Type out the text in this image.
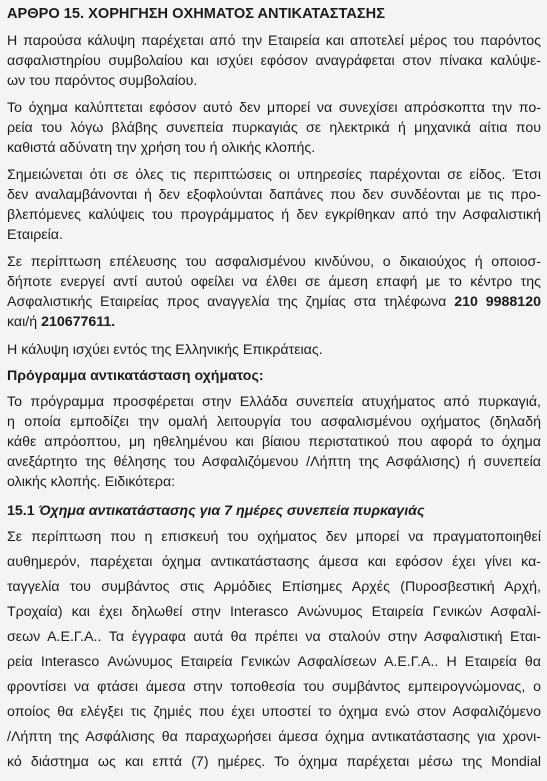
ΑΡΘΡΟ 15. ΧΟΡΗΓΗΣΗ ΟΧΗΜΑΤΟΣ ΑΝΤΙΚΑΤΑΣΤΑΣΗΣ
Η παρούσα κάλυψη παρέχεται από την Εταιρεία και αποτελεί μέρος του παρόντος
ασφαλιστηρίου συμβολαίου και ισχύει εφόσον αναγράφεται στον πίνακα καλύψε-
ων του παρόντος συμβολαίου.
Το όχημα καλύπτεται εφόσον αυτό δεν μπορεί να συνεχίσει απρόσκοπτα την πο-
ρεία του λόγω βλάβης συνεπεία πυρκαγιάς σε ηλεκτρικά ή μηχανικά αίτια που
καθιστά αδύνατη την χρήση του ή ολικής κλοπής.
Σημειώνεται ότι σε όλες τις περιπτώσεις οι υπηρεσίες παρέχονται σε είδος. Έτσι
δεν αναλαμβάνονται ή δεν εξοφλούνται δαπάνες που δεν συνδέονται με τις προ-
βλεπόμενες καλύψεις του προγράμματος ή δεν εγκρίθηκαν από την Ασφαλιστική
Εταιρεία.
Σε περίπτωση επέλευσης του ασφαλισμένου κινδύνου, ο δικαιούχος ή οποιοσ-
δήποτε ενεργεί αντί αυτού οφείλει να έλθει σε άμεση επαφή με το κέντρο της
Ασφαλιστικής Εταιρείας προς αναγγελία της ζημίας στα τηλέφωνα 210 9988120
και/ή 210677611.
Η κάλυψη ισχύει εντός της Ελληνικής Επικράτειας.
Πρόγραμμα αντικατάσταση οχήματος:
Το πρόγραμμα προσφέρεται στην Ελλάδα συνεπεία ατυχήματος από πυρκαγιά,
η οποία εμποδίζει την ομαλή λειτουργία του ασφαλισμένου οχήματος (δηλαδή
κάθε απρόοπτου, μη ηθελημένου και βίαιου περιστατικού που αφορά το όχημα
ανεξάρτητο της θέλησης του Ασφαλιζόμενου /Λήπτη της Ασφάλισης) ή συνεπεία
ολικής κλοπής. Ειδικότερα:
15.1 Όχημα αντικατάστασης για 7 ημέρες συνεπεία πυρκαγιάς
Σε περίπτωση που η επισκευή του οχήματος δεν μπορεί να πραγματοποιηθεί
αυθημερόν, παρέχεται όχημα αντικατάστασης άμεσα και εφόσον έχει γίνει κα-
ταγγελία του συμβάντος στις Αρμόδιες Επίσημες Αρχές (Πυροσβεστική Αρχή,
Τροχαία) και έχει δηλωθεί στην Interasco Ανώνυμος Εταιρεία Γενικών Ασφαλί-
σεων Α.Ε.Γ.Α.. Τα έγγραφα αυτά θα πρέπει να σταλούν στην Ασφαλιστική Εται-
ρεία Interasco Ανώνυμος Εταιρεία Γενικών Ασφαλίσεων Α.Ε.Γ.Α.. Η Εταιρεία θα
φροντίσει να φτάσει άμεσα στην τοποθεσία του συμβάντος εμπειρογνώμονας, ο
οποίος θα ελέγξει τις ζημιές που έχει υποστεί το όχημα ενώ στον Ασφαλιζόμενο
/Λήπτη της Ασφάλισης θα παραχωρήσει άμεσα όχημα αντικατάστασης για χρονι-
κό διάστημα ως και επτά (7) ημέρες. Το όχημα παρέχεται μέσω της Mondial
